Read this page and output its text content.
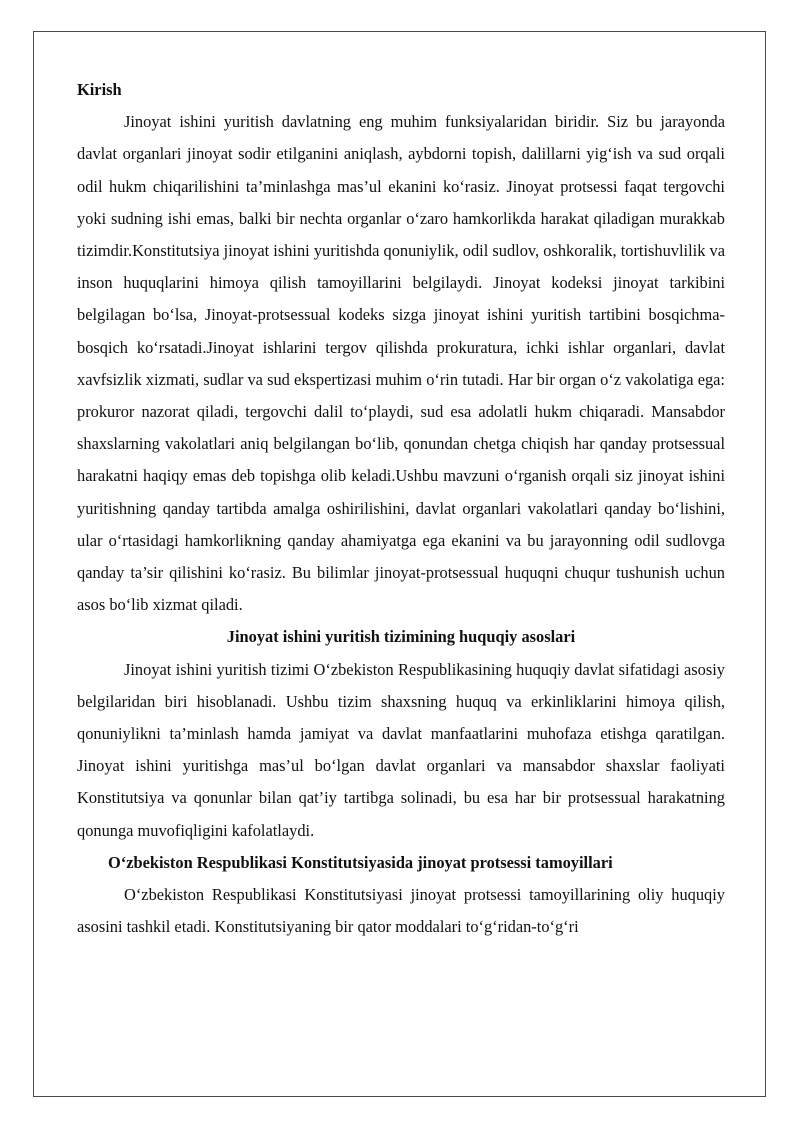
Kirish

Jinoyat ishini yuritish davlatning eng muhim funksiyalaridan biridir. Siz bu jarayonda davlat organlari jinoyat sodir etilganini aniqlash, aybdorni topish, dalillarni yig‘ish va sud orqali odil hukm chiqarilishini ta’minlashga mas’ul ekanini ko‘rasiz. Jinoyat protsessi faqat tergovchi yoki sudning ishi emas, balki bir nechta organlar o‘zaro hamkorlikda harakat qiladigan murakkab tizimdir.Konstitutsiya jinoyat ishini yuritishda qonuniylik, odil sudlov, oshkoralik, tortishuvlilik va inson huquqlarini himoya qilish tamoyillarini belgilaydi. Jinoyat kodeksi jinoyat tarkibini belgilagan bo‘lsa, Jinoyat-protsessual kodeks sizga jinoyat ishini yuritish tartibini bosqichma-bosqich ko‘rsatadi.Jinoyat ishlarini tergov qilishda prokuratura, ichki ishlar organlari, davlat xavfsizlik xizmati, sudlar va sud ekspertizasi muhim o‘rin tutadi. Har bir organ o‘z vakolatiga ega: prokuror nazorat qiladi, tergovchi dalil to‘playdi, sud esa adolatli hukm chiqaradi. Mansabdor shaxslarning vakolatlari aniq belgilangan bo‘lib, qonundan chetga chiqish har qanday protsessual harakatni haqiqy emas deb topishga olib keladi.Ushbu mavzuni o‘rganish orqali siz jinoyat ishini yuritishning qanday tartibda amalga oshirilishini, davlat organlari vakolatlari qanday bo‘lishini, ular o‘rtasidagi hamkorlikning qanday ahamiyatga ega ekanini va bu jarayonning odil sudlovga qanday ta’sir qilishini ko‘rasiz. Bu bilimlar jinoyat-protsessual huquqni chuqur tushunish uchun asos bo‘lib xizmat qiladi.

Jinoyat ishini yuritish tizimining huquqiy asoslari

Jinoyat ishini yuritish tizimi O‘zbekiston Respublikasining huquqiy davlat sifatidagi asosiy belgilaridan biri hisoblanadi. Ushbu tizim shaxsning huquq va erkinliklarini himoya qilish, qonuniylikni ta’minlash hamda jamiyat va davlat manfaatlarini muhofaza etishga qaratilgan. Jinoyat ishini yuritishga mas’ul bo‘lgan davlat organlari va mansabdor shaxslar faoliyati Konstitutsiya va qonunlar bilan qat’iy tartibga solinadi, bu esa har bir protsessual harakatning qonunga muvofiqligini kafolatlaydi.

O‘zbekiston Respublikasi Konstitutsiyasida jinoyat protsessi tamoyillari

O‘zbekiston Respublikasi Konstitutsiyasi jinoyat protsessi tamoyillarining oliy huquqiy asosini tashkil etadi. Konstitutsiyaning bir qator moddalari to‘g‘ridan-to‘g‘ri
